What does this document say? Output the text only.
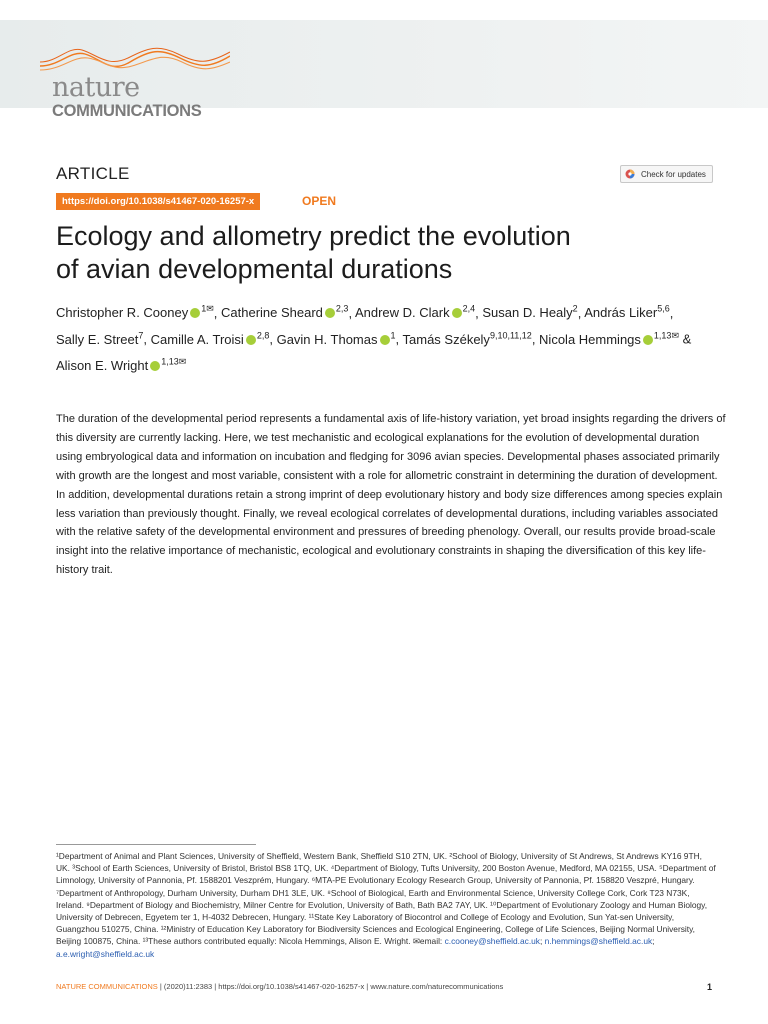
nature
COMMUNICATIONS
ARTICLE	Check for updates
https://doi.org/10.1038/s41467-020-16257-x	OPEN
Ecology and allometry predict the evolution
of avian developmental durations
Christopher R. Cooney $^{1✉}$, Catherine Sheard $^{2,3}$, Andrew D. Clark $^{2,4}$, Susan D. Healy$^2$, András Liker$^{5,6}$, Sally E. Street$^7$, Camille A. Troisi $^{2,8}$, Gavin H. Thomas $^1$, Tamás Székely$^{9,10,11,12}$, Nicola Hemmings $^{1,13✉}$ & Alison E. Wright $^{1,13✉}$

The duration of the developmental period represents a fundamental axis of life-history variation, yet broad insights regarding the drivers of this diversity are currently lacking. Here, we test mechanistic and ecological explanations for the evolution of developmental duration using embryological data and information on incubation and fledging for 3096 avian species. Developmental phases associated primarily with growth are the longest and most variable, consistent with a role for allometric constraint in determining the duration of development. In addition, developmental durations retain a strong imprint of deep evolutionary history and body size differences among species explain less variation than previously thought. Finally, we reveal ecological correlates of developmental durations, including variables associated with the relative safety of the developmental environment and pressures of breeding phenology. Overall, our results provide broad-scale insight into the relative importance of mechanistic, ecological and evolutionary constraints in shaping the diversification of this key life-history trait.

¹Department of Animal and Plant Sciences, University of Sheffield, Western Bank, Sheffield S10 2TN, UK. ²School of Biology, University of St Andrews, St Andrews KY16 9TH, UK. ³School of Earth Sciences, University of Bristol, Bristol BS8 1TQ, UK. ⁴Department of Biology, Tufts University, 200 Boston Avenue, Medford, MA 02155, USA. ⁵Department of Limnology, University of Pannonia, Pf. 1588201 Veszprém, Hungary. ⁶MTA-PE Evolutionary Ecology Research Group, University of Pannonia, Pf. 158820 Veszpré, Hungary. ⁷Department of Anthropology, Durham University, Durham DH1 3LE, UK. ⁸School of Biological, Earth and Environmental Science, University College Cork, Cork T23 N73K, Ireland. ⁹Department of Biology and Biochemistry, Milner Centre for Evolution, University of Bath, Bath BA2 7AY, UK. ¹⁰Department of Evolutionary Zoology and Human Biology, University of Debrecen, Egyetem ter 1, H-4032 Debrecen, Hungary. ¹¹State Key Laboratory of Biocontrol and College of Ecology and Evolution, Sun Yat-sen University, Guangzhou 510275, China. ¹²Ministry of Education Key Laboratory for Biodiversity Sciences and Ecological Engineering, College of Life Sciences, Beijing Normal University, Beijing 100875, China. ¹³These authors contributed equally: Nicola Hemmings, Alison E. Wright. ✉email: c.cooney@sheffield.ac.uk; n.hemmings@sheffield.ac.uk; a.e.wright@sheffield.ac.uk

NATURE COMMUNICATIONS | (2020)11:2383 | https://doi.org/10.1038/s41467-020-16257-x | www.nature.com/naturecommunications	1
